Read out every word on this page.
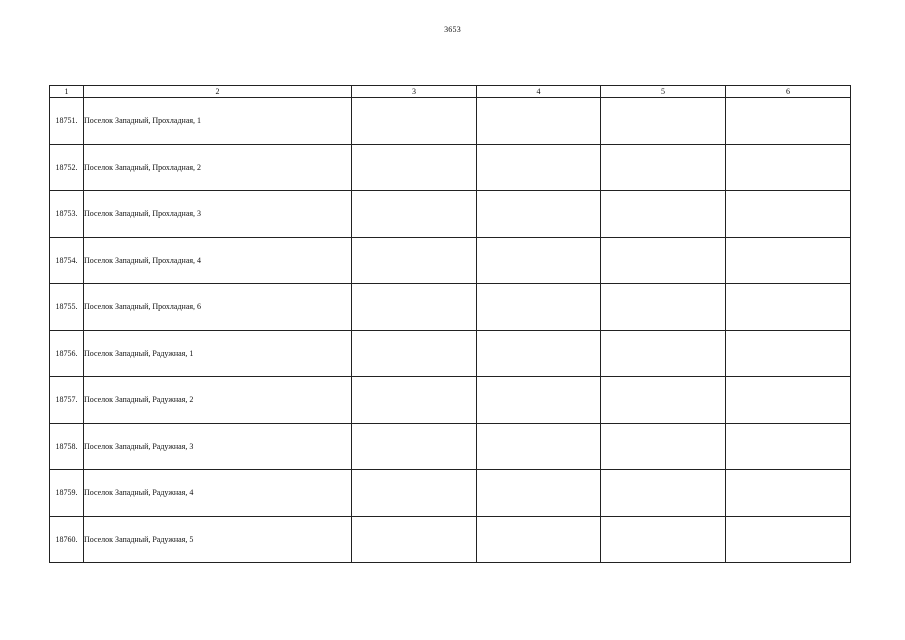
3653
1	2	3	4	5	6
18751.	Поселок Западный, Прохладная, 1				
18752.	Поселок Западный, Прохладная, 2				
18753.	Поселок Западный, Прохладная, 3				
18754.	Поселок Западный, Прохладная, 4				
18755.	Поселок Западный, Прохладная, 6				
18756.	Поселок Западный, Радужная, 1				
18757.	Поселок Западный, Радужная, 2				
18758.	Поселок Западный, Радужная, 3				
18759.	Поселок Западный, Радужная, 4				
18760.	Поселок Западный, Радужная, 5				
